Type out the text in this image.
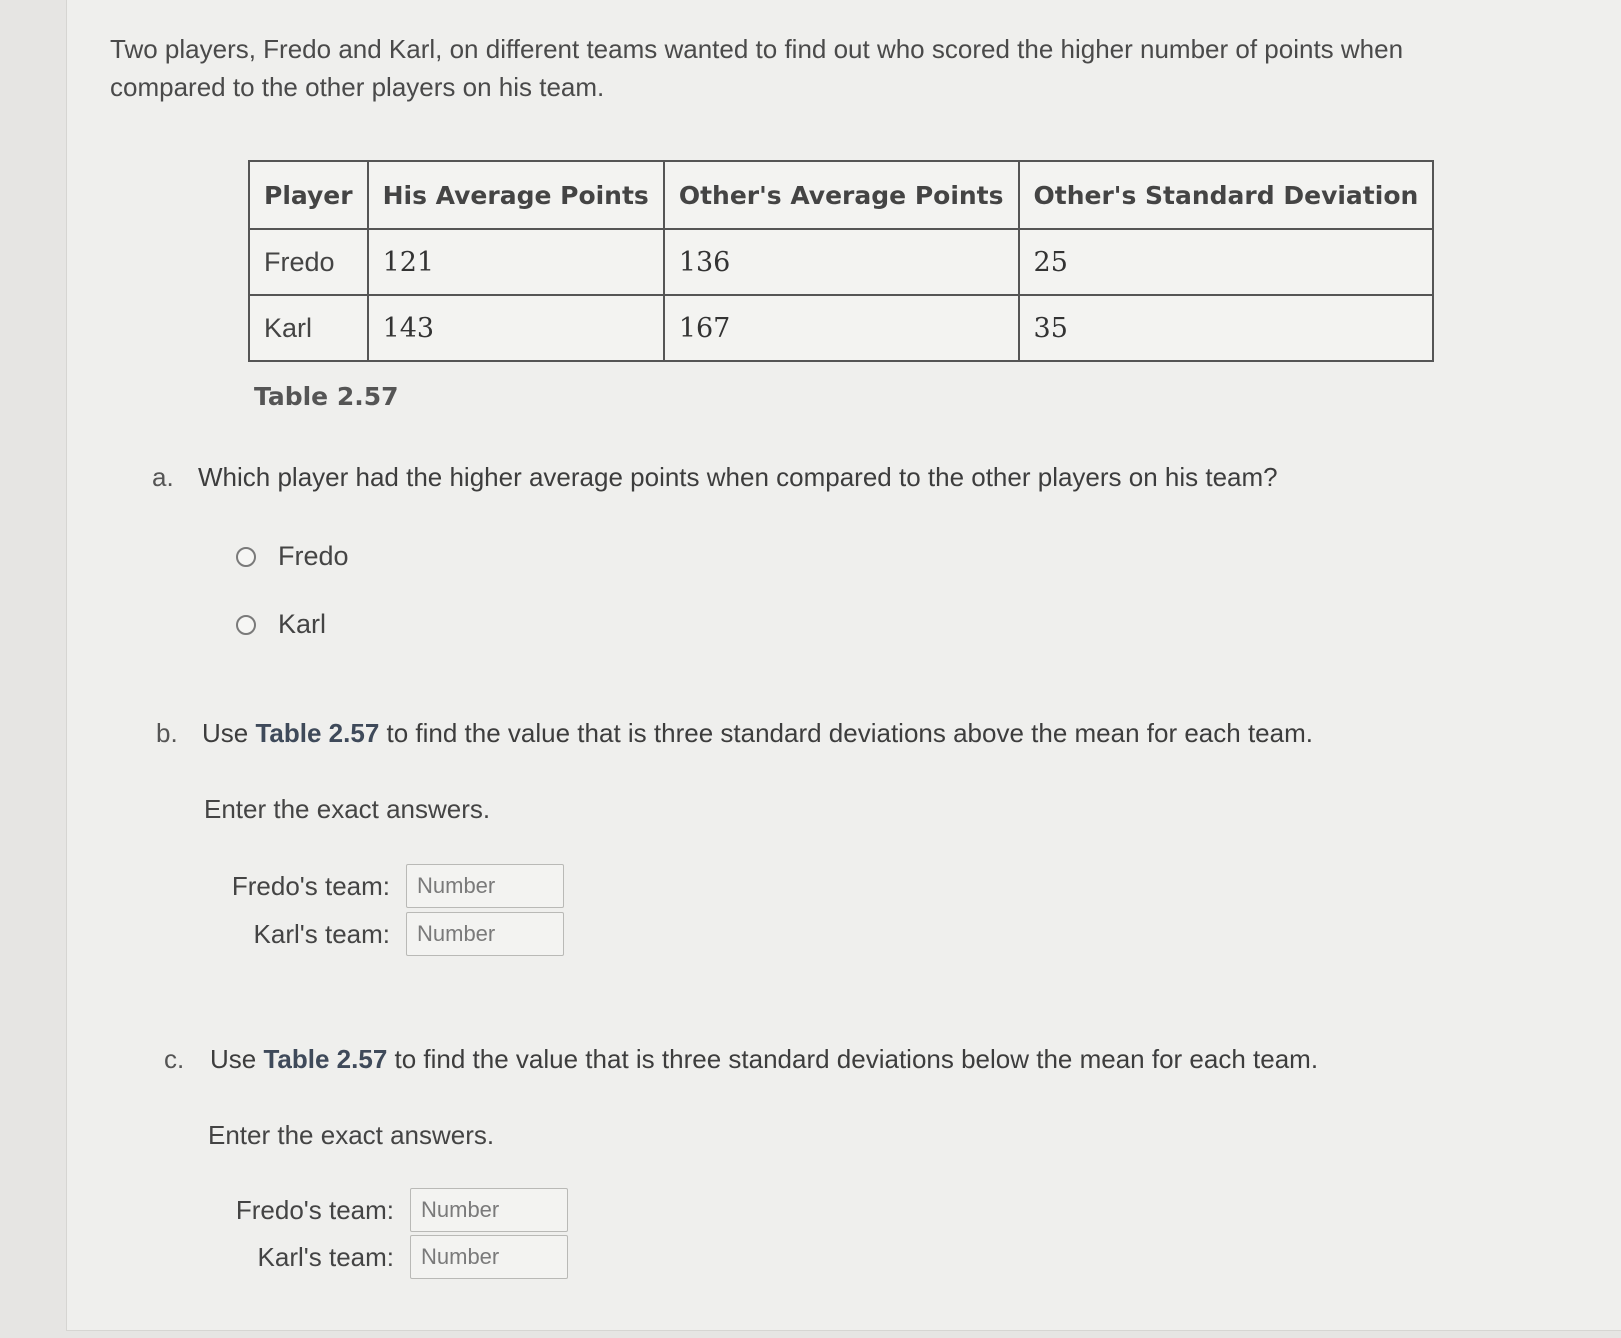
Two players, Fredo and Karl, on different teams wanted to find out who scored the higher number of points when compared to the other players on his team.

Player	His Average Points	Other's Average Points	Other's Standard Deviation
Fredo	121	136	25
Karl	143	167	35
Table 2.57

a. Which player had the higher average points when compared to the other players on his team?

Fredo
Karl

b. Use Table 2.57 to find the value that is three standard deviations above the mean for each team.

Enter the exact answers.

Fredo's team:
Number
Karl's team:
Number

c. Use Table 2.57 to find the value that is three standard deviations below the mean for each team.

Enter the exact answers.

Fredo's team:
Number
Karl's team:
Number
